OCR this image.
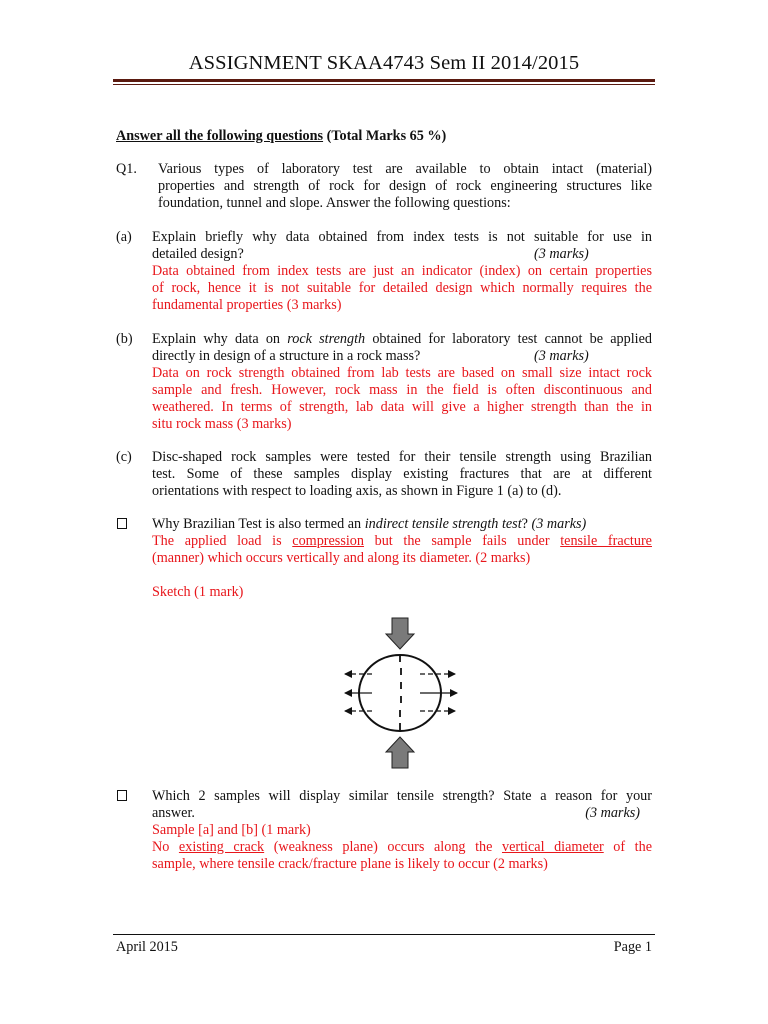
ASSIGNMENT SKAA4743 Sem II 2014/2015
Answer all the following questions (Total Marks 65 %)
Q1. Various types of laboratory test are available to obtain intact (material)
properties and strength of rock for design of rock engineering structures like
foundation, tunnel and slope. Answer the following questions:
(a) Explain briefly why data obtained from index tests is not suitable for use in
detailed design?	(3 marks)
Data obtained from index tests are just an indicator (index) on certain properties
of rock, hence it is not suitable for detailed design which normally requires the
fundamental properties (3 marks)
(b) Explain why data on rock strength obtained for laboratory test cannot be applied
directly in design of a structure in a rock mass?	(3 marks)
Data on rock strength obtained from lab tests are based on small size intact rock
sample and fresh. However, rock mass in the field is often discontinuous and
weathered. In terms of strength, lab data will give a higher strength than the in
situ rock mass (3 marks)
(c) Disc-shaped rock samples were tested for their tensile strength using Brazilian
test. Some of these samples display existing fractures that are at different
orientations with respect to loading axis, as shown in Figure 1 (a) to (d).
Why Brazilian Test is also termed an indirect tensile strength test? (3 marks)
The applied load is compression but the sample fails under tensile fracture
(manner) which occurs vertically and along its diameter. (2 marks)
Sketch (1 mark)
Which 2 samples will display similar tensile strength? State a reason for your
answer.	(3 marks)
Sample [a] and [b] (1 mark)
No existing crack (weakness plane) occurs along the vertical diameter of the
sample, where tensile crack/fracture plane is likely to occur (2 marks)
April 2015	Page 1
